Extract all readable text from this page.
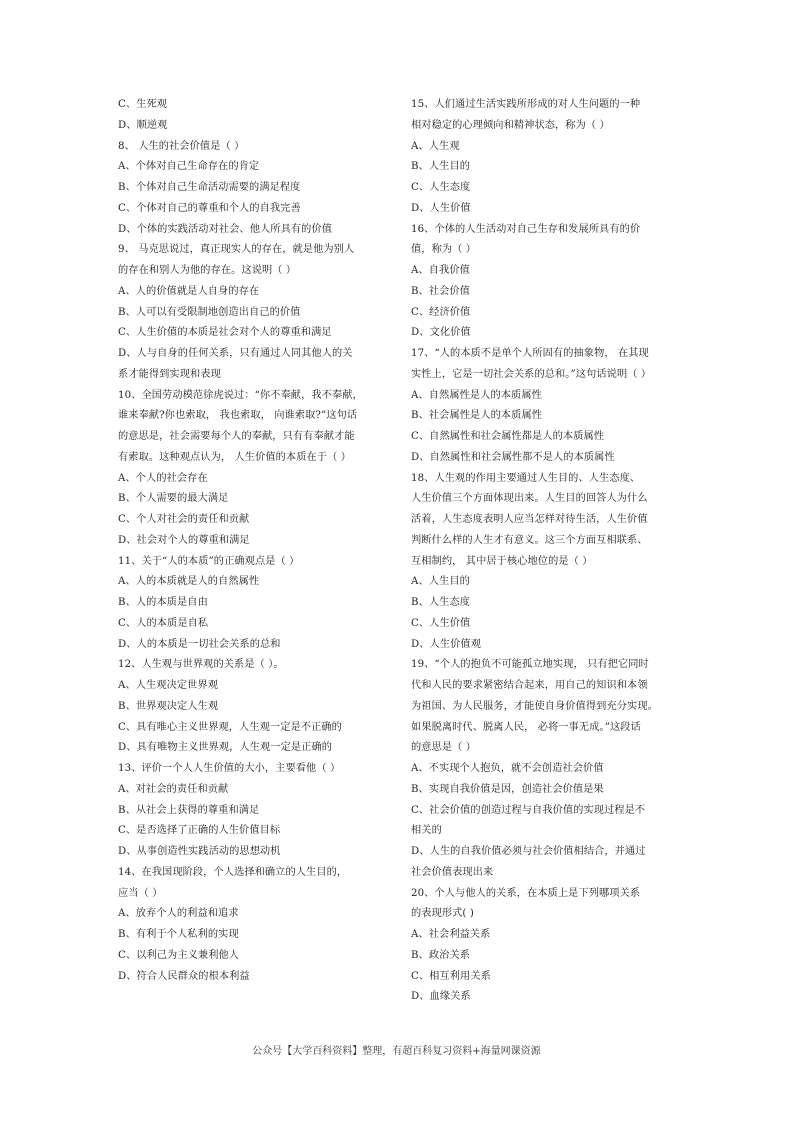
C、生死观
D、顺逆观
8、 人生的社会价值是（ ）
A、个体对自己生命存在的肯定
B、个体对自己生命活动需要的满足程度
C、个体对自己的尊重和个人的自我完善
D、个体的实践活动对社会、他人所具有的价值
9、 马克思说过，真正现实人的存在，就是他为别人
的存在和别人为他的存在。这说明（ ）
A、人的价值就是人自身的存在
B、人可以有受限制地创造出自己的价值
C、人生价值的本质是社会对个人的尊重和满足
D、人与自身的任何关系，只有通过人同其他人的关
系才能得到实现和表现
10、全国劳动模范徐虎说过：“你不奉献，我不奉献，
谁来奉献?你也索取， 我也索取， 向谁索取?”这句话
的意思是，社会需要每个人的奉献，只有有奉献才能
有索取。这种观点认为， 人生价值的本质在于（ ）
A、个人的社会存在
B、个人需要的最大满足
C、个人对社会的责任和贡献
D、社会对个人的尊重和满足
11、关于“人的本质”的正确观点是（ ）
A、人的本质就是人的自然属性
B、人的本质是自由
C、人的本质是自私
D、人的本质是一切社会关系的总和
12、人生观与世界观的关系是（ ）。
A、人生观决定世界观
B、世界观决定人生观
C、具有唯心主义世界观，人生观一定是不正确的
D、具有唯物主义世界观，人生观一定是正确的
13、评价一个人人生价值的大小，主要看他（ ）
A、对社会的责任和贡献
B、从社会上获得的尊重和满足
C、是否选择了正确的人生价值目标
D、从事创造性实践活动的思想动机
14、在我国现阶段，个人选择和确立的人生目的，
应当（ ）
A、放弃个人的利益和追求
B、有利于个人私利的实现
C、以利己为主义兼利他人
D、符合人民群众的根本利益
15、人们通过生活实践所形成的对人生问题的一种
相对稳定的心理倾向和精神状态，称为（ ）
A、人生观
B、人生目的
C、人生态度
D、人生价值
16、个体的人生活动对自己生存和发展所具有的价
值，称为（ ）
A、自我价值
B、社会价值
C、经济价值
D、文化价值
17、“人的本质不是单个人所固有的抽象物， 在其现
实性上，它是一切社会关系的总和。”这句话说明（ ）
A、自然属性是人的本质属性
B、社会属性是人的本质属性
C、自然属性和社会属性都是人的本质属性
D、自然属性和社会属性都不是人的本质属性
18、人生观的作用主要通过人生目的、人生态度、
人生价值三个方面体现出来。人生目的回答人为什么
活着，人生态度表明人应当怎样对待生活，人生价值
判断什么样的人生才有意义。这三个方面互相联系、
互相制约， 其中居于核心地位的是（ ）
A、人生目的
B、人生态度
C、人生价值
D、人生价值观
19、“个人的抱负不可能孤立地实现， 只有把它同时
代和人民的要求紧密结合起来，用自己的知识和本领
为祖国、为人民服务，才能使自身价值得到充分实现。
如果脱离时代、脱离人民， 必将一事无成。”这段话
的意思是（ ）
A、不实现个人抱负，就不会创造社会价值
B、实现自我价值是因，创造社会价值是果
C、社会价值的创造过程与自我价值的实现过程是不
相关的
D、人生的自我价值必须与社会价值相结合，并通过
社会价值表现出来
20、个人与他人的关系，在本质上是下列哪项关系
的表现形式( )
A、社会利益关系
B、政治关系
C、相互利用关系
D、血缘关系
公众号【大学百科资料】整理，有超百科复习资料+海量网课资源
